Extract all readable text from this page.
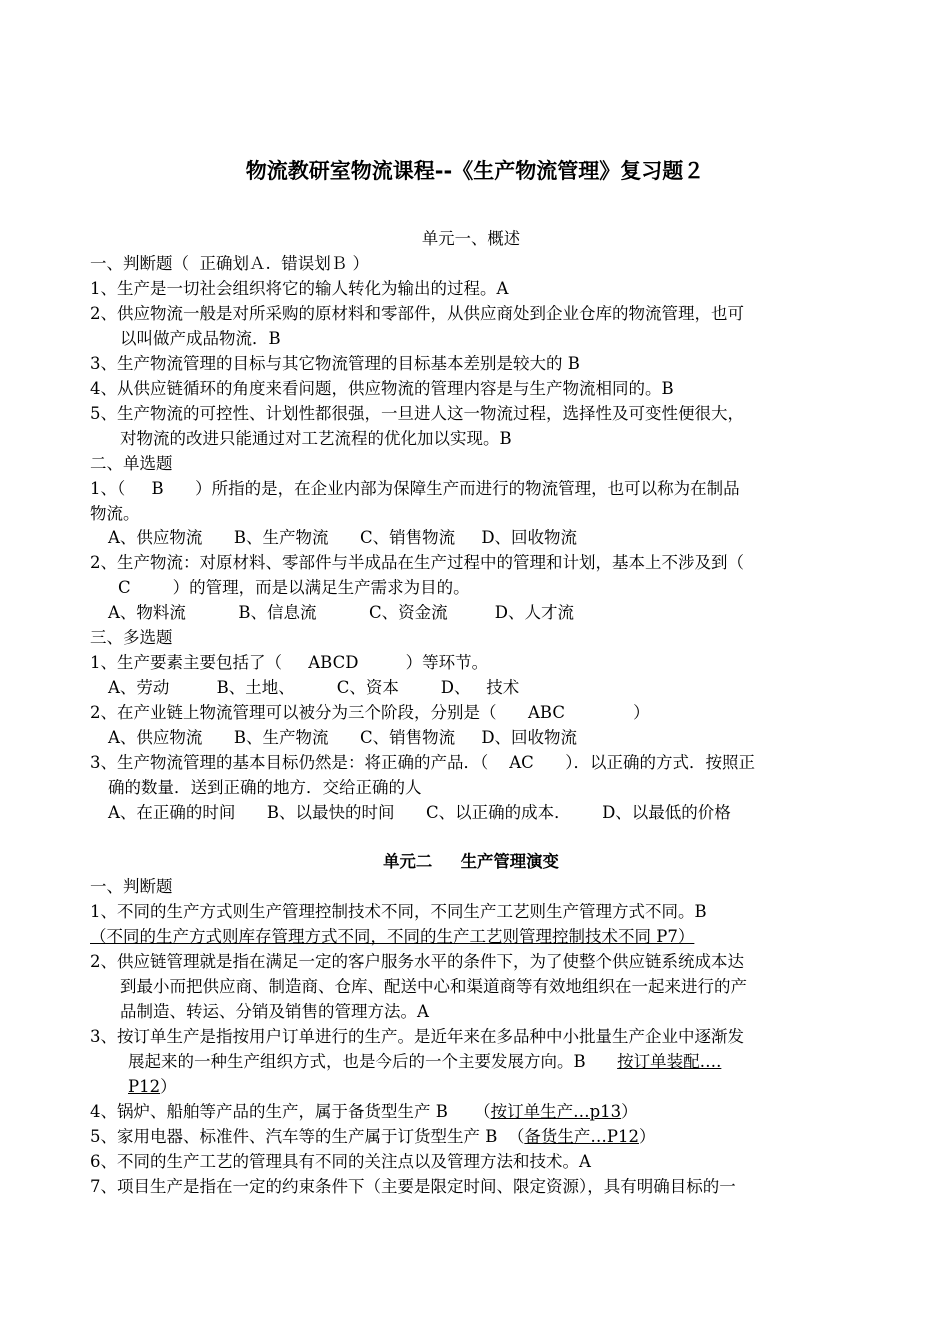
物流教研室物流课程--《生产物流管理》复习题２
单元一、概述
一、判断题（  正确划Ａ.  错误划Ｂ ）
1、生产是一切社会组织将它的输人转化为输出的过程。A
2、供应物流一般是对所采购的原材料和零部件，从供应商处到企业仓库的物流管理，也可
以叫做产成品物流．B
3、生产物流管理的目标与其它物流管理的目标基本差别是较大的 B
4、从供应链循环的角度来看问题，供应物流的管理内容是与生产物流相同的。B
5、生产物流的可控性、计划性都很强，一旦进人这一物流过程，选择性及可变性便很大，
对物流的改进只能通过对工艺流程的优化加以实现。B
二、单选题
1、（     B      ）所指的是，在企业内部为保障生产而进行的物流管理，也可以称为在制品
物流。
A、供应物流      B、生产物流      C、销售物流     D、回收物流
2、生产物流：对原材料、零部件与半成品在生产过程中的管理和计划，基本上不涉及到（
C        ）的管理，而是以满足生产需求为目的。
A、物料流          B、信息流          C、资金流         D、人才流
三、多选题
1、生产要素主要包括了（     ABCD         ）等环节。
A、劳动         B、土地、        C、资本        D、   技术
2、在产业链上物流管理可以被分为三个阶段，分别是（      ABC             ）
A、供应物流      B、生产物流      C、销售物流     D、回收物流
3、生产物流管理的基本目标仍然是：将正确的产品．（    AC      ）．以正确的方式．按照正
确的数量．送到正确的地方．交给正确的人
A、在正确的时间      B、以最快的时间      C、以正确的成本．      D、以最低的价格
单元二     生产管理演变
一、判断题
1、不同的生产方式则生产管理控制技术不同，不同生产工艺则生产管理方式不同。B
（不同的生产方式则库存管理方式不同，不同的生产工艺则管理控制技术不同 P7）
2、供应链管理就是指在满足一定的客户服务水平的条件下，为了使整个供应链系统成本达
到最小而把供应商、制造商、仓库、配送中心和渠道商等有效地组织在一起来进行的产
品制造、转运、分销及销售的管理方法。A
3、按订单生产是指按用户订单进行的生产。是近年来在多品种中小批量生产企业中逐渐发
展起来的一种生产组织方式，也是今后的一个主要发展方向。B      按订单装配….
P12）
4、锅炉、船舶等产品的生产，属于备货型生产 B     （按订单生产…p13）
5、家用电器、标准件、汽车等的生产属于订货型生产 B  （备货生产…P12）
6、不同的生产工艺的管理具有不同的关注点以及管理方法和技术。A
7、项目生产是指在一定的约束条件下（主要是限定时间、限定资源），具有明确目标的一
